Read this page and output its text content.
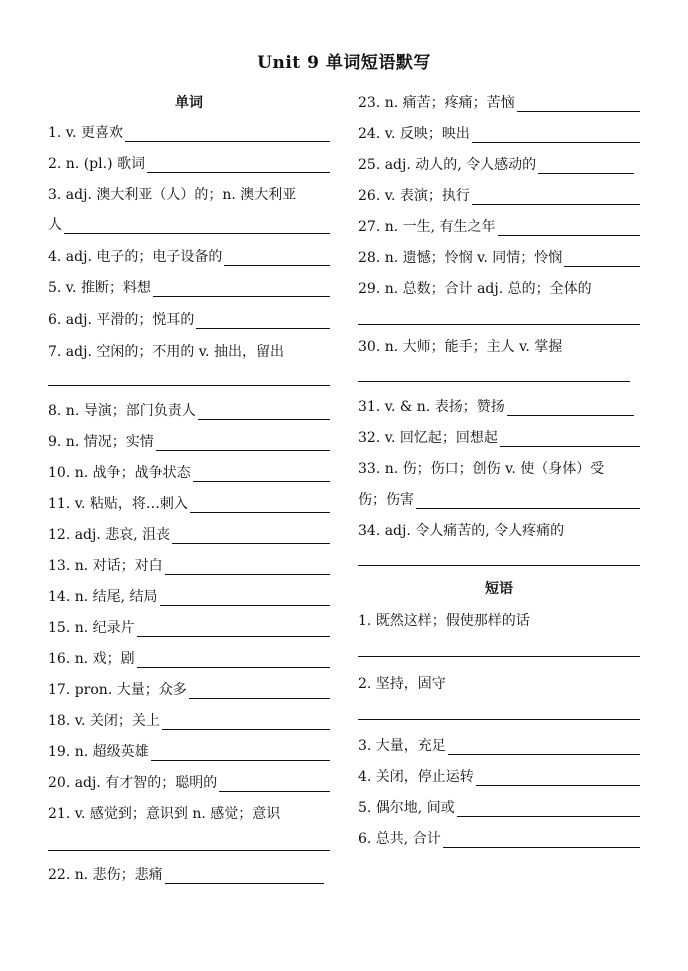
Unit 9 单词短语默写
单词
1. v. 更喜欢
2. n. (pl.) 歌词
3. adj. 澳大利亚（人）的；n. 澳大利亚
人
4. adj. 电子的；电子设备的
5. v. 推断；料想
6. adj. 平滑的；悦耳的
7. adj. 空闲的；不用的 v. 抽出，留出
8. n. 导演；部门负责人
9. n. 情况；实情
10. n. 战争；战争状态
11. v. 粘贴，将…刺入
12. adj. 悲哀, 沮丧
13. n. 对话；对白
14. n. 结尾, 结局
15. n. 纪录片
16. n. 戏；剧
17. pron. 大量；众多
18. v. 关闭；关上
19. n. 超级英雄
20. adj. 有才智的；聪明的
21. v. 感觉到；意识到 n. 感觉；意识
22. n. 悲伤；悲痛
23. n. 痛苦；疼痛；苦恼
24. v. 反映；映出
25. adj. 动人的, 令人感动的
26. v. 表演；执行
27. n. 一生, 有生之年
28. n. 遗憾；怜悯 v. 同情；怜悯
29. n. 总数；合计 adj. 总的；全体的
30. n. 大师；能手；主人 v. 掌握
31. v. & n. 表扬；赞扬
32. v. 回忆起；回想起
33. n. 伤；伤口；创伤 v. 使（身体）受
伤；伤害
34. adj. 令人痛苦的, 令人疼痛的
短语
1. 既然这样；假使那样的话
2. 坚持，固守
3. 大量，充足
4. 关闭，停止运转
5. 偶尔地, 间或
6. 总共, 合计
